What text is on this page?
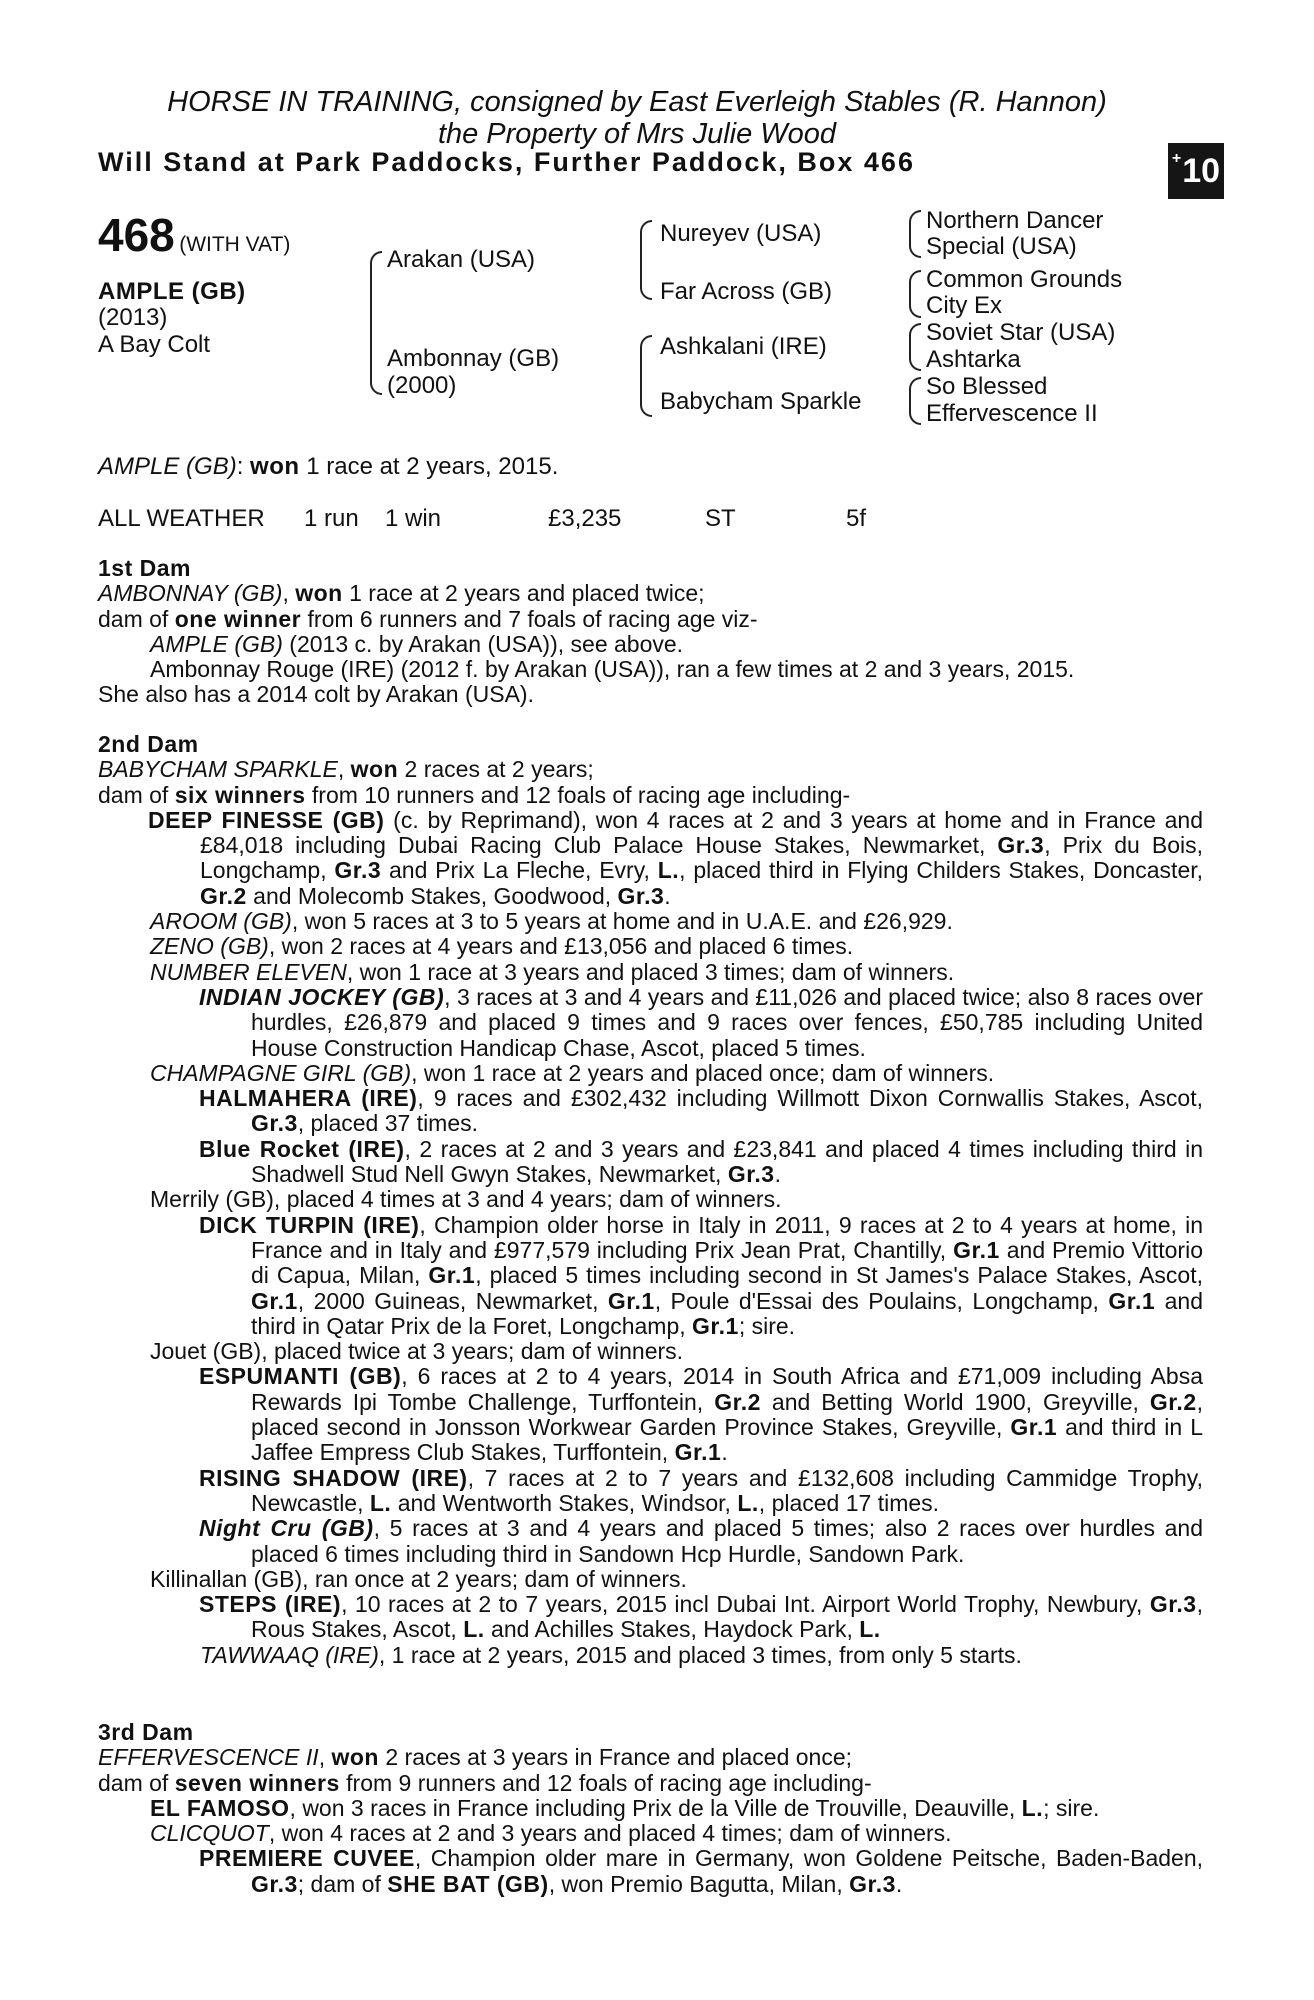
HORSE IN TRAINING, consigned by East Everleigh Stables (R. Hannon)
the Property of Mrs Julie Wood
Will Stand at Park Paddocks, Further Paddock, Box 466	+ 10
468 (WITH VAT)
AMPLE (GB)
(2013)
A Bay Colt
Arakan (USA)
Ambonnay (GB)
(2000)
Nureyev (USA)
Far Across (GB)
Ashkalani (IRE)
Babycham Sparkle
Northern Dancer
Special (USA)
Common Grounds
City Ex
Soviet Star (USA)
Ashtarka
So Blessed
Effervescence II
AMPLE (GB): won 1 race at 2 years, 2015.
ALL WEATHER 1 run 1 win	£3,235	ST	5f

1st Dam

AMBONNAY (GB), won 1 race at 2 years and placed twice;

dam of one winner from 6 runners and 7 foals of racing age viz-

AMPLE (GB) (2013 c. by Arakan (USA)), see above.

Ambonnay Rouge (IRE) (2012 f. by Arakan (USA)), ran a few times at 2 and 3 years, 2015.

She also has a 2014 colt by Arakan (USA).

2nd Dam

BABYCHAM SPARKLE, won 2 races at 2 years;

dam of six winners from 10 runners and 12 foals of racing age including-

DEEP FINESSE (GB) (c. by Reprimand), won 4 races at 2 and 3 years at home and in France and £84,018 including Dubai Racing Club Palace House Stakes, Newmarket, Gr.3, Prix du Bois, Longchamp, Gr.3 and Prix La Fleche, Evry, L., placed third in Flying Childers Stakes, Doncaster, Gr.2 and Molecomb Stakes, Goodwood, Gr.3.

AROOM (GB), won 5 races at 3 to 5 years at home and in U.A.E. and £26,929.

ZENO (GB), won 2 races at 4 years and £13,056 and placed 6 times.

NUMBER ELEVEN, won 1 race at 3 years and placed 3 times; dam of winners.

INDIAN JOCKEY (GB), 3 races at 3 and 4 years and £11,026 and placed twice; also 8 races over hurdles, £26,879 and placed 9 times and 9 races over fences, £50,785 including United House Construction Handicap Chase, Ascot, placed 5 times.

CHAMPAGNE GIRL (GB), won 1 race at 2 years and placed once; dam of winners.

HALMAHERA (IRE), 9 races and £302,432 including Willmott Dixon Cornwallis Stakes, Ascot, Gr.3, placed 37 times.

Blue Rocket (IRE), 2 races at 2 and 3 years and £23,841 and placed 4 times including third in Shadwell Stud Nell Gwyn Stakes, Newmarket, Gr.3.

Merrily (GB), placed 4 times at 3 and 4 years; dam of winners.

DICK TURPIN (IRE), Champion older horse in Italy in 2011, 9 races at 2 to 4 years at home, in France and in Italy and £977,579 including Prix Jean Prat, Chantilly, Gr.1 and Premio Vittorio di Capua, Milan, Gr.1, placed 5 times including second in St James's Palace Stakes, Ascot, Gr.1, 2000 Guineas, Newmarket, Gr.1, Poule d'Essai des Poulains, Longchamp, Gr.1 and third in Qatar Prix de la Foret, Longchamp, Gr.1; sire.

Jouet (GB), placed twice at 3 years; dam of winners.

ESPUMANTI (GB), 6 races at 2 to 4 years, 2014 in South Africa and £71,009 including Absa Rewards Ipi Tombe Challenge, Turffontein, Gr.2 and Betting World 1900, Greyville, Gr.2, placed second in Jonsson Workwear Garden Province Stakes, Greyville, Gr.1 and third in L Jaffee Empress Club Stakes, Turffontein, Gr.1.

RISING SHADOW (IRE), 7 races at 2 to 7 years and £132,608 including Cammidge Trophy, Newcastle, L. and Wentworth Stakes, Windsor, L., placed 17 times.

Night Cru (GB), 5 races at 3 and 4 years and placed 5 times; also 2 races over hurdles and placed 6 times including third in Sandown Hcp Hurdle, Sandown Park.

Killinallan (GB), ran once at 2 years; dam of winners.

STEPS (IRE), 10 races at 2 to 7 years, 2015 incl Dubai Int. Airport World Trophy, Newbury, Gr.3, Rous Stakes, Ascot, L. and Achilles Stakes, Haydock Park, L.

TAWWAAQ (IRE), 1 race at 2 years, 2015 and placed 3 times, from only 5 starts.

3rd Dam

EFFERVESCENCE II, won 2 races at 3 years in France and placed once;

dam of seven winners from 9 runners and 12 foals of racing age including-

EL FAMOSO, won 3 races in France including Prix de la Ville de Trouville, Deauville, L.; sire.

CLICQUOT, won 4 races at 2 and 3 years and placed 4 times; dam of winners.

PREMIERE CUVEE, Champion older mare in Germany, won Goldene Peitsche, Baden-Baden, Gr.3; dam of SHE BAT (GB), won Premio Bagutta, Milan, Gr.3.
